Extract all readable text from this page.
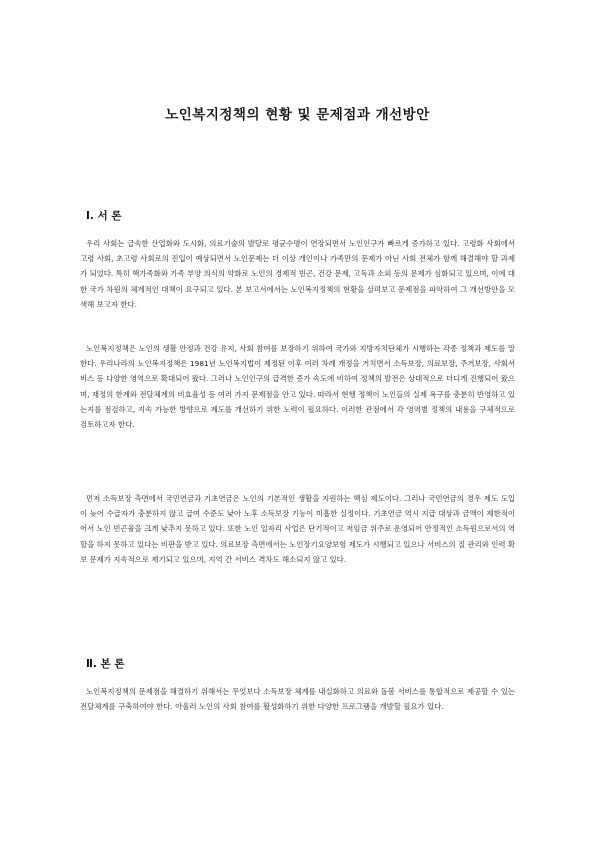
노인복지정책의 현황 및 문제점과 개선방안
Ⅰ. 서 론

우리 사회는 급속한 산업화와 도시화, 의료기술의 발달로 평균수명이 연장되면서 노인인구가 빠르게 증가하고 있다. 고령화 사회에서 고령 사회, 초고령 사회로의 진입이 예상되면서 노인문제는 더 이상 개인이나 가족만의 문제가 아닌 사회 전체가 함께 해결해야 할 과제가 되었다. 특히 핵가족화와 가족 부양 의식의 약화로 노인의 경제적 빈곤, 건강 문제, 고독과 소외 등의 문제가 심화되고 있으며, 이에 대한 국가 차원의 체계적인 대책이 요구되고 있다. 본 보고서에서는 노인복지정책의 현황을 살펴보고 문제점을 파악하여 그 개선방안을 모색해 보고자 한다.

노인복지정책은 노인의 생활 안정과 건강 유지, 사회 참여를 보장하기 위하여 국가와 지방자치단체가 시행하는 각종 정책과 제도를 말한다. 우리나라의 노인복지정책은 1981년 노인복지법이 제정된 이후 여러 차례 개정을 거치면서 소득보장, 의료보장, 주거보장, 사회서비스 등 다양한 영역으로 확대되어 왔다. 그러나 노인인구의 급격한 증가 속도에 비하여 정책의 발전은 상대적으로 더디게 진행되어 왔으며, 재정의 한계와 전달체계의 비효율성 등 여러 가지 문제점을 안고 있다. 따라서 현행 정책이 노인들의 실제 욕구를 충분히 반영하고 있는지를 점검하고, 지속 가능한 방향으로 제도를 개선하기 위한 노력이 필요하다. 이러한 관점에서 각 영역별 정책의 내용을 구체적으로 검토하고자 한다.

먼저 소득보장 측면에서 국민연금과 기초연금은 노인의 기본적인 생활을 지원하는 핵심 제도이다. 그러나 국민연금의 경우 제도 도입이 늦어 수급자가 충분하지 않고 급여 수준도 낮아 노후 소득보장 기능이 미흡한 실정이다. 기초연금 역시 지급 대상과 금액이 제한적이어서 노인 빈곤율을 크게 낮추지 못하고 있다. 또한 노인 일자리 사업은 단기적이고 저임금 위주로 운영되어 안정적인 소득원으로서의 역할을 하지 못하고 있다는 비판을 받고 있다. 의료보장 측면에서는 노인장기요양보험 제도가 시행되고 있으나 서비스의 질 관리와 인력 확보 문제가 지속적으로 제기되고 있으며, 지역 간 서비스 격차도 해소되지 않고 있다.

Ⅱ. 본 론

노인복지정책의 문제점을 해결하기 위해서는 무엇보다 소득보장 체계를 내실화하고 의료와 돌봄 서비스를 통합적으로 제공할 수 있는 전달체계를 구축하여야 한다. 아울러 노인의 사회 참여를 활성화하기 위한 다양한 프로그램을 개발할 필요가 있다.
